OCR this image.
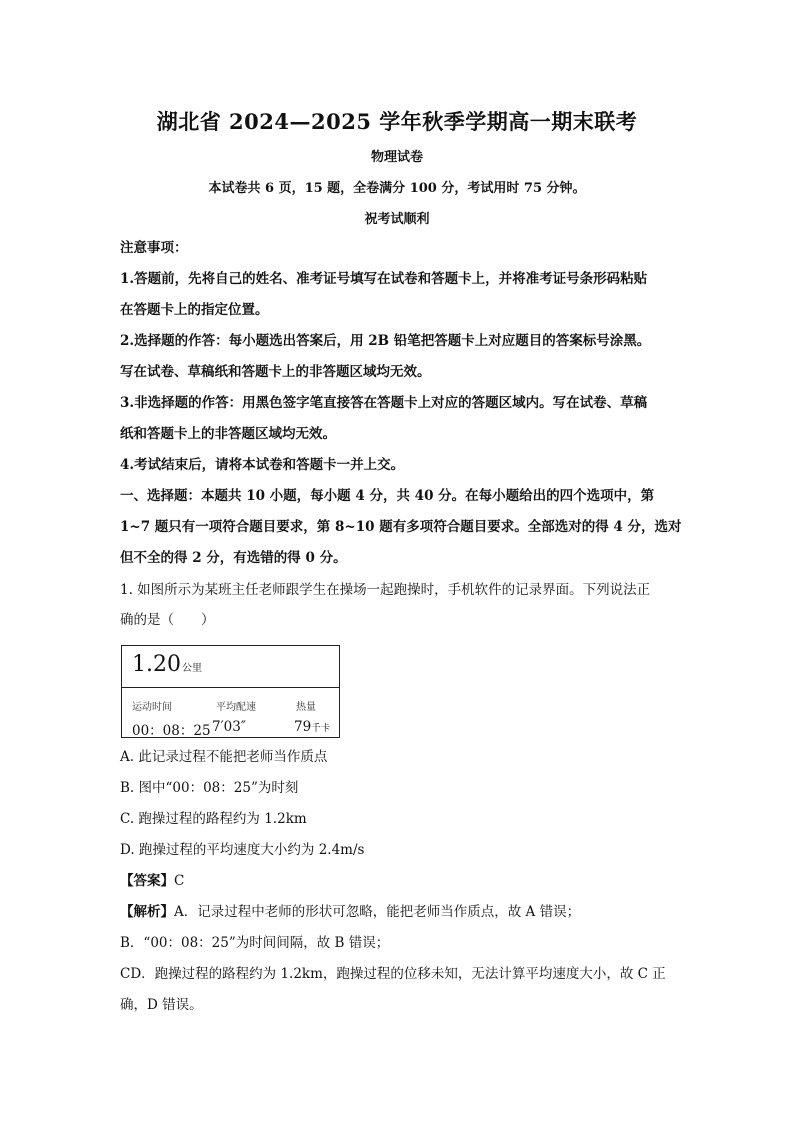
湖北省 2024—2025 学年秋季学期高一期末联考
物理试卷
本试卷共 6 页，15 题，全卷满分 100 分，考试用时 75 分钟。
祝考试顺利
注意事项：
1.答题前，先将自己的姓名、准考证号填写在试卷和答题卡上，并将准考证号条形码粘贴
在答题卡上的指定位置。
2.选择题的作答：每小题选出答案后，用 2B 铅笔把答题卡上对应题目的答案标号涂黑。
写在试卷、草稿纸和答题卡上的非答题区域均无效。
3.非选择题的作答：用黑色签字笔直接答在答题卡上对应的答题区域内。写在试卷、草稿
纸和答题卡上的非答题区域均无效。
4.考试结束后，请将本试卷和答题卡一并上交。
一、选择题：本题共 10 小题，每小题 4 分，共 40 分。在每小题给出的四个选项中，第
1~7 题只有一项符合题目要求，第 8~10 题有多项符合题目要求。全部选对的得 4 分，选对
但不全的得 2 分，有选错的得 0 分。
1. 如图所示为某班主任老师跟学生在操场一起跑操时，手机软件的记录界面。下列说法正
确的是（　　）
1.20公里
运动时间
00：08：25
平均配速
7′03″
热量
79千卡
A. 此记录过程不能把老师当作质点
B. 图中“00：08：25”为时刻
C. 跑操过程的路程约为 1.2km
D. 跑操过程的平均速度大小约为 2.4m/s
【答案】C
【解析】A．记录过程中老师的形状可忽略，能把老师当作质点，故 A 错误；
B．“00：08：25”为时间间隔，故 B 错误；
CD．跑操过程的路程约为 1.2km，跑操过程的位移未知，无法计算平均速度大小，故 C 正
确，D 错误。
